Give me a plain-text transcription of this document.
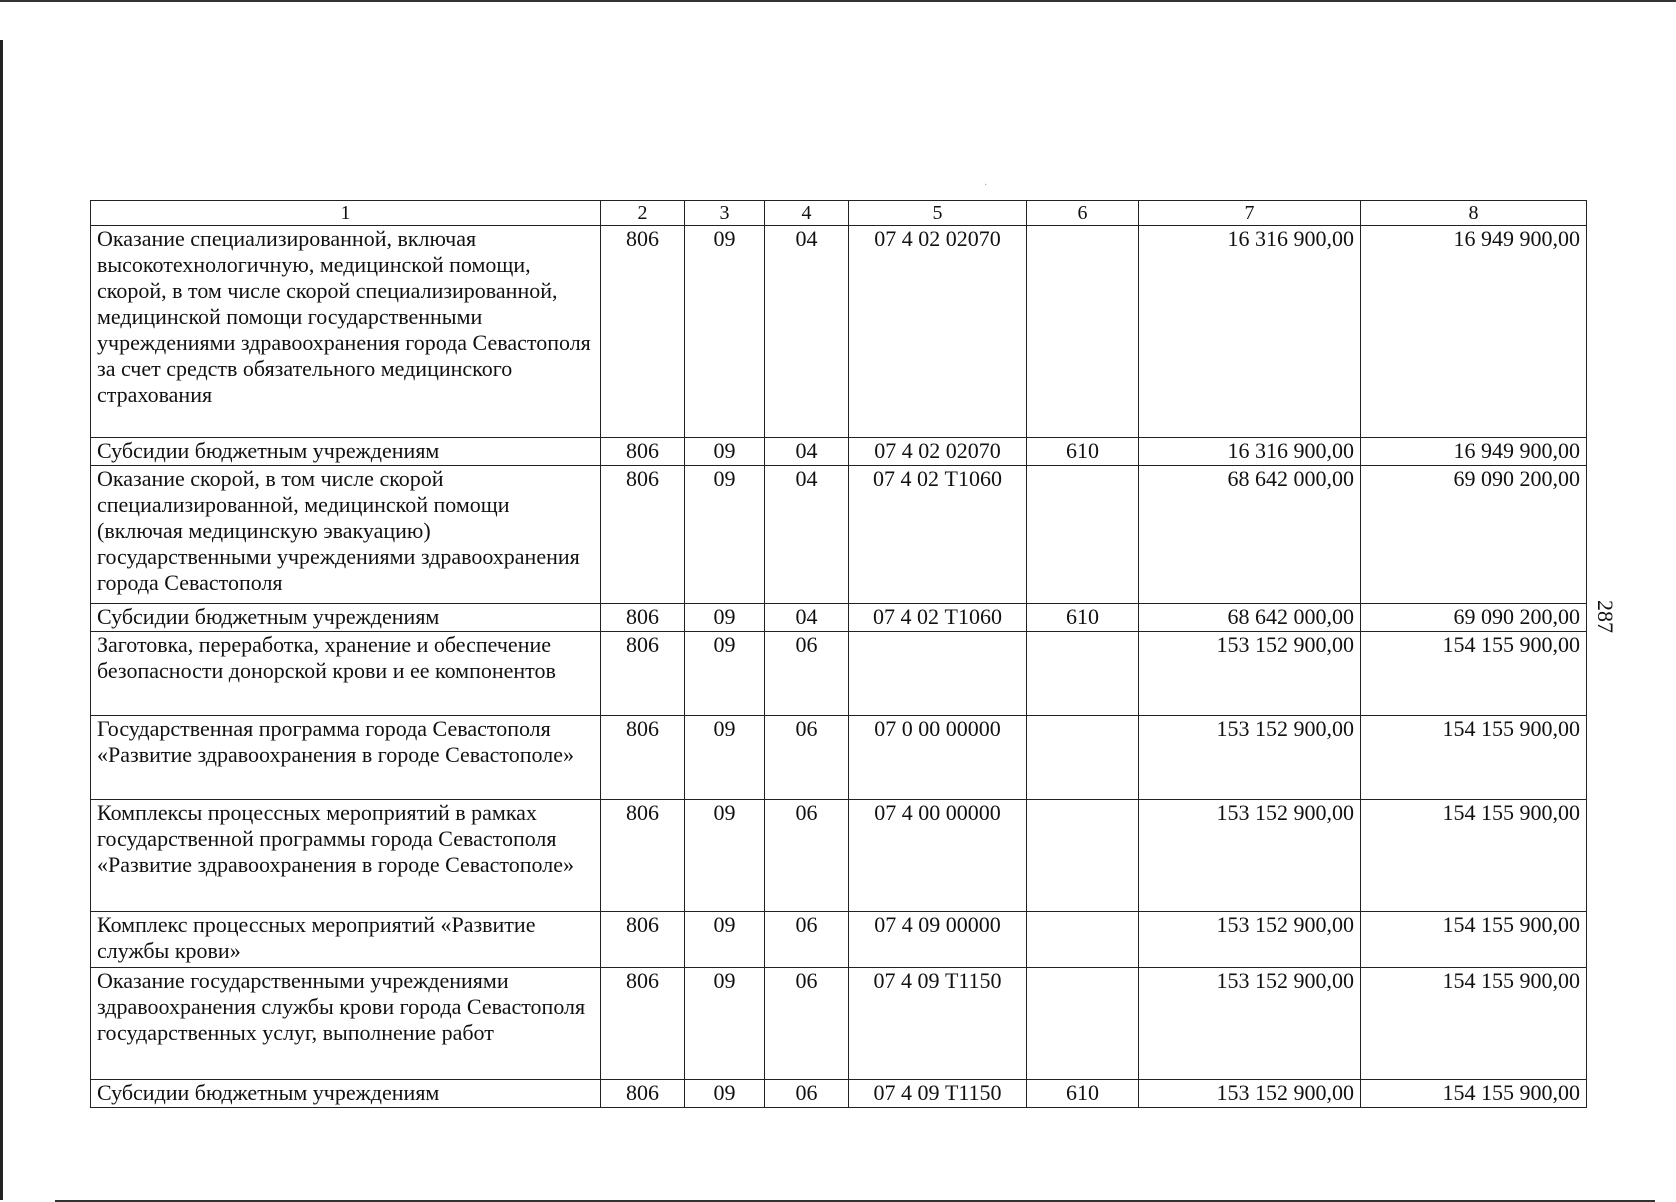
·
287
1	2	3	4	5	6	7	8
Оказание специализированной, включая высокотехнологичную, медицинской помощи, скорой, в том числе скорой специализированной, медицинской помощи государственными учреждениями здравоохранения города Севастополя за счет средств обязательного медицинского страхования	806	09	04	07 4 02 02070		16 316 900,00	16 949 900,00
Субсидии бюджетным учреждениям	806	09	04	07 4 02 02070	610	16 316 900,00	16 949 900,00
Оказание скорой, в том числе скорой специализированной, медицинской помощи (включая медицинскую эвакуацию) государственными учреждениями здравоохранения города Севастополя	806	09	04	07 4 02 Т1060		68 642 000,00	69 090 200,00
Субсидии бюджетным учреждениям	806	09	04	07 4 02 Т1060	610	68 642 000,00	69 090 200,00
Заготовка, переработка, хранение и обеспечение безопасности донорской крови и ее компонентов	806	09	06			153 152 900,00	154 155 900,00
Государственная программа города Севастополя «Развитие здравоохранения в городе Севастополе»	806	09	06	07 0 00 00000		153 152 900,00	154 155 900,00
Комплексы процессных мероприятий в рамках государственной программы города Севастополя «Развитие здравоохранения в городе Севастополе»	806	09	06	07 4 00 00000		153 152 900,00	154 155 900,00
Комплекс процессных мероприятий «Развитие службы крови»	806	09	06	07 4 09 00000		153 152 900,00	154 155 900,00
Оказание государственными учреждениями здравоохранения службы крови города Севастополя государственных услуг, выполнение работ	806	09	06	07 4 09 Т1150		153 152 900,00	154 155 900,00
Субсидии бюджетным учреждениям	806	09	06	07 4 09 Т1150	610	153 152 900,00	154 155 900,00
